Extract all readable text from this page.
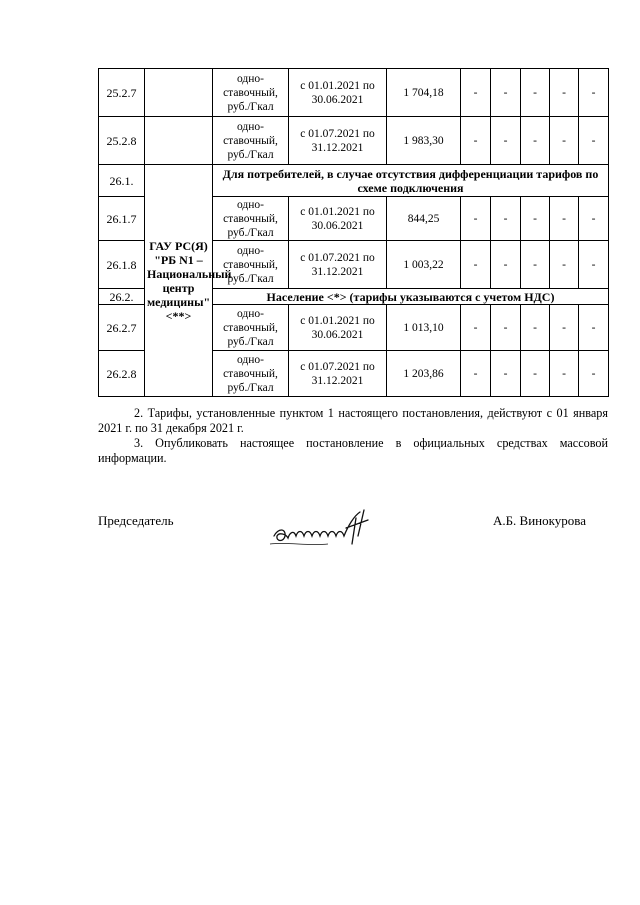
25.2.7		одно-ставочный, руб./Гкал	с 01.01.2021 по 30.06.2021	1 704,18	-	-	-	-	-
25.2.8		одно-ставочный, руб./Гкал	с 01.07.2021 по 31.12.2021	1 983,30	-	-	-	-	-
26.1.	ГАУ РС(Я) "РБ N1 – Национальный центр медицины" <**>	Для потребителей, в случае отсутствия дифференциации тарифов по схеме подключения							
26.1.7		одно-ставочный, руб./Гкал	с 01.01.2021 по 30.06.2021	844,25	-	-	-	-	-
26.1.8		одно-ставочный, руб./Гкал	с 01.07.2021 по 31.12.2021	1 003,22	-	-	-	-	-
26.2.		Население <*> (тарифы указываются с учетом НДС)							
26.2.7		одно-ставочный, руб./Гкал	с 01.01.2021 по 30.06.2021	1 013,10	-	-	-	-	-
26.2.8		одно-ставочный, руб./Гкал	с 01.07.2021 по 31.12.2021	1 203,86	-	-	-	-	-

2. Тарифы, установленные пунктом 1 настоящего постановления, действуют с 01 января 2021 г. по 31 декабря 2021 г.

3. Опубликовать настоящее постановление в официальных средствах массовой информации.

Председатель	А.Б. Винокурова
